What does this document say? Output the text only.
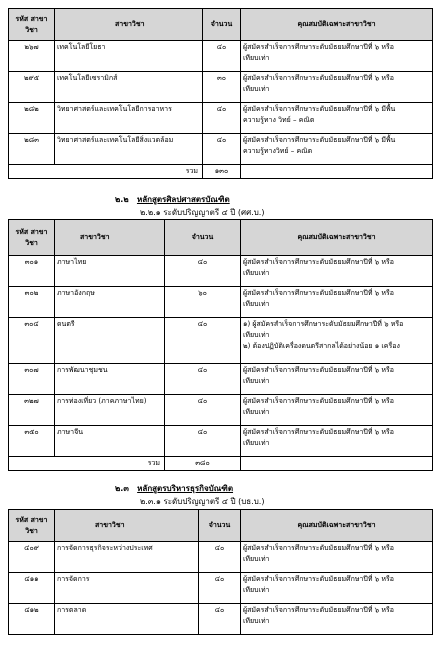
รหัส สาขาวิชา	สาขาวิชา	จำนวน	คุณสมบัติเฉพาะสาขาวิชา
๒๖๗	เทคโนโลยีโยธา	๔๐	ผู้สมัครสำเร็จการศึกษาระดับมัธยมศึกษาปีที่ ๖ หรือ
เทียบเท่า

๒๙๕	เทคโนโลยีเซรามิกส์	๓๐	ผู้สมัครสำเร็จการศึกษาระดับมัธยมศึกษาปีที่ ๖ หรือ
เทียบเท่า

๒๘๒	วิทยาศาสตร์และเทคโนโลยีการอาหาร	๔๐	ผู้สมัครสำเร็จการศึกษาระดับมัธยมศึกษาปีที่ ๖ มีพื้น
ความรู้ทาง วิทย์ – คณิต

๒๘๓	วิทยาศาสตร์และเทคโนโลยีสิ่งแวดล้อม	๔๐	ผู้สมัครสำเร็จการศึกษาระดับมัธยมศึกษาปีที่ ๖ มีพื้น
ความรู้ทางวิทย์ – คณิต

รวม		๑๓๐	
๒.๒ หลักสูตรศิลปศาสตรบัณฑิต
๒.๒.๑ ระดับปริญญาตรี ๔ ปี (ศศ.บ.)
รหัส สาขาวิชา	สาขาวิชา	จำนวน	คุณสมบัติเฉพาะสาขาวิชา
๓๐๑	ภาษาไทย	๔๐	ผู้สมัครสำเร็จการศึกษาระดับมัธยมศึกษาปีที่ ๖ หรือ
เทียบเท่า

๓๐๒	ภาษาอังกฤษ	๖๐	ผู้สมัครสำเร็จการศึกษาระดับมัธยมศึกษาปีที่ ๖ หรือ
เทียบเท่า

๓๐๔	ดนตรี	๔๐	๑) ผู้สมัครสำเร็จการศึกษาระดับมัธยมศึกษาปีที่ ๖ หรือ
เทียบเท่า
๒) ต้องปฏิบัติเครื่องดนตรีสากลได้อย่างน้อย ๑ เครื่อง

๓๐๗	การพัฒนาชุมชน	๔๐	ผู้สมัครสำเร็จการศึกษาระดับมัธยมศึกษาปีที่ ๖ หรือ
เทียบเท่า

๓๒๗	การท่องเที่ยว (ภาคภาษาไทย)	๔๐	ผู้สมัครสำเร็จการศึกษาระดับมัธยมศึกษาปีที่ ๖ หรือ
เทียบเท่า

๓๕๐	ภาษาจีน	๔๐	ผู้สมัครสำเร็จการศึกษาระดับมัธยมศึกษาปีที่ ๖ หรือ
เทียบเท่า

รวม		๓๘๐	
๒.๓ หลักสูตรบริหารธุรกิจบัณฑิต
๒.๓.๑ ระดับปริญญาตรี ๔ ปี (บธ.บ.)
รหัส สาขาวิชา	สาขาวิชา	จำนวน	คุณสมบัติเฉพาะสาขาวิชา
๔๐๙	การจัดการธุรกิจระหว่างประเทศ	๔๐	ผู้สมัครสำเร็จการศึกษาระดับมัธยมศึกษาปีที่ ๖ หรือ
เทียบเท่า

๔๑๑	การจัดการ	๔๐	ผู้สมัครสำเร็จการศึกษาระดับมัธยมศึกษาปีที่ ๖ หรือ
เทียบเท่า

๔๑๒	การตลาด	๔๐	ผู้สมัครสำเร็จการศึกษาระดับมัธยมศึกษาปีที่ ๖ หรือ
เทียบเท่า
